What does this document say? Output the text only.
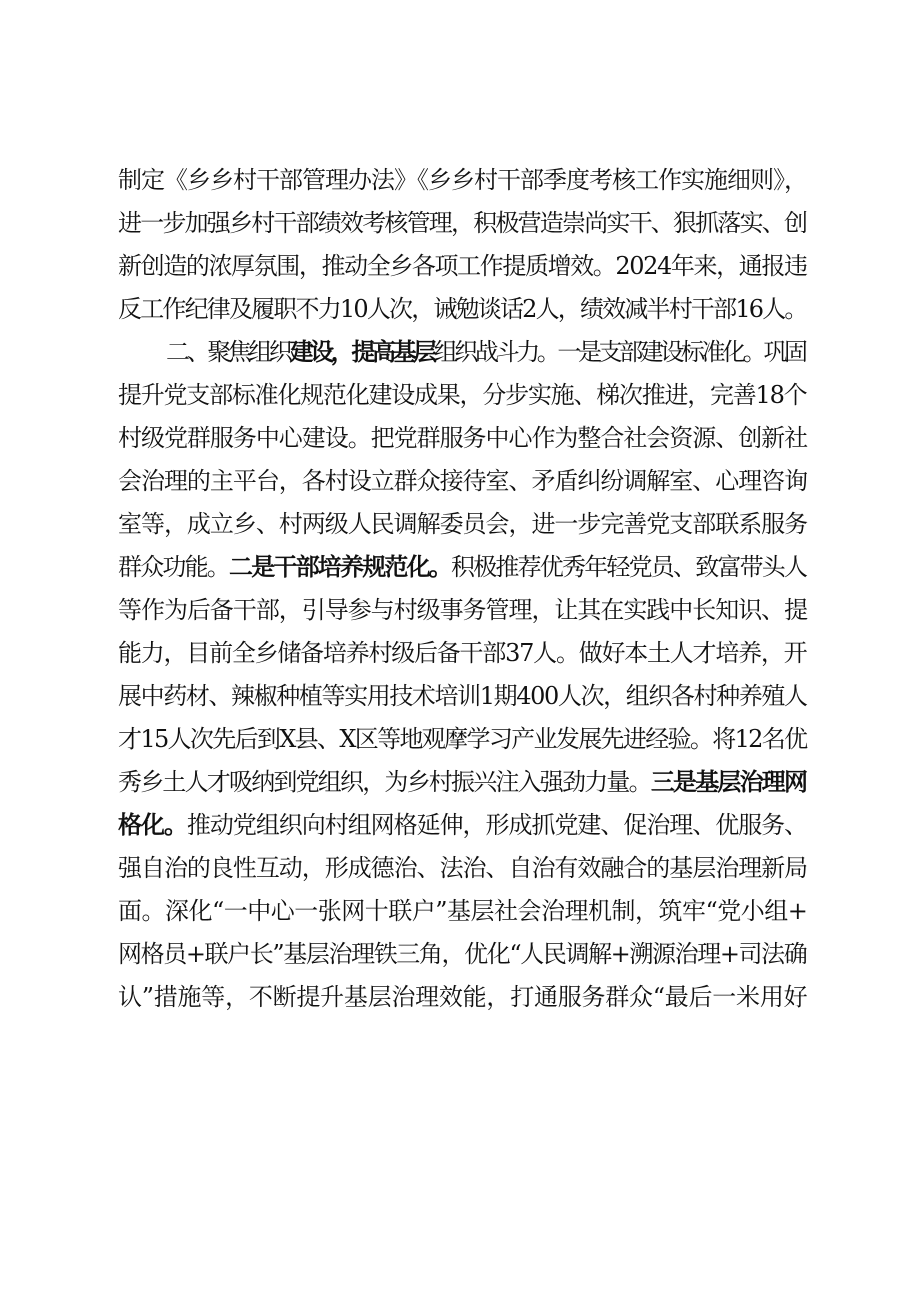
制定《乡乡村干部管理办法》《乡乡村干部季度考核工作实施细则》，
进一步加强乡村干部绩效考核管理，积极营造崇尚实干、狠抓落实、创
新创造的浓厚氛围，推动全乡各项工作提质增效。2024年来，通报违
反工作纪律及履职不力10人次，诫勉谈话2人，绩效减半村干部16人。
二、聚焦组织建设，提高基层组织战斗力。一是支部建设标准化。巩固
提升党支部标准化规范化建设成果，分步实施、梯次推进，完善18个
村级党群服务中心建设。把党群服务中心作为整合社会资源、创新社
会治理的主平台，各村设立群众接待室、矛盾纠纷调解室、心理咨询
室等，成立乡、村两级人民调解委员会，进一步完善党支部联系服务
群众功能。二是干部培养规范化。积极推荐优秀年轻党员、致富带头人
等作为后备干部，引导参与村级事务管理，让其在实践中长知识、提
能力，目前全乡储备培养村级后备干部37人。做好本土人才培养，开
展中药材、辣椒种植等实用技术培训1期400人次，组织各村种养殖人
才15人次先后到X县、X区等地观摩学习产业发展先进经验。将12名优
秀乡土人才吸纳到党组织，为乡村振兴注入强劲力量。三是基层治理网
格化。推动党组织向村组网格延伸，形成抓党建、促治理、优服务、
强自治的良性互动，形成德治、法治、自治有效融合的基层治理新局
面。深化“一中心一张网十联户”基层社会治理机制，筑牢“党小组+
网格员+联户长”基层治理铁三角，优化“人民调解+溯源治理+司法确
认”措施等，不断提升基层治理效能，打通服务群众“最后一米用好
